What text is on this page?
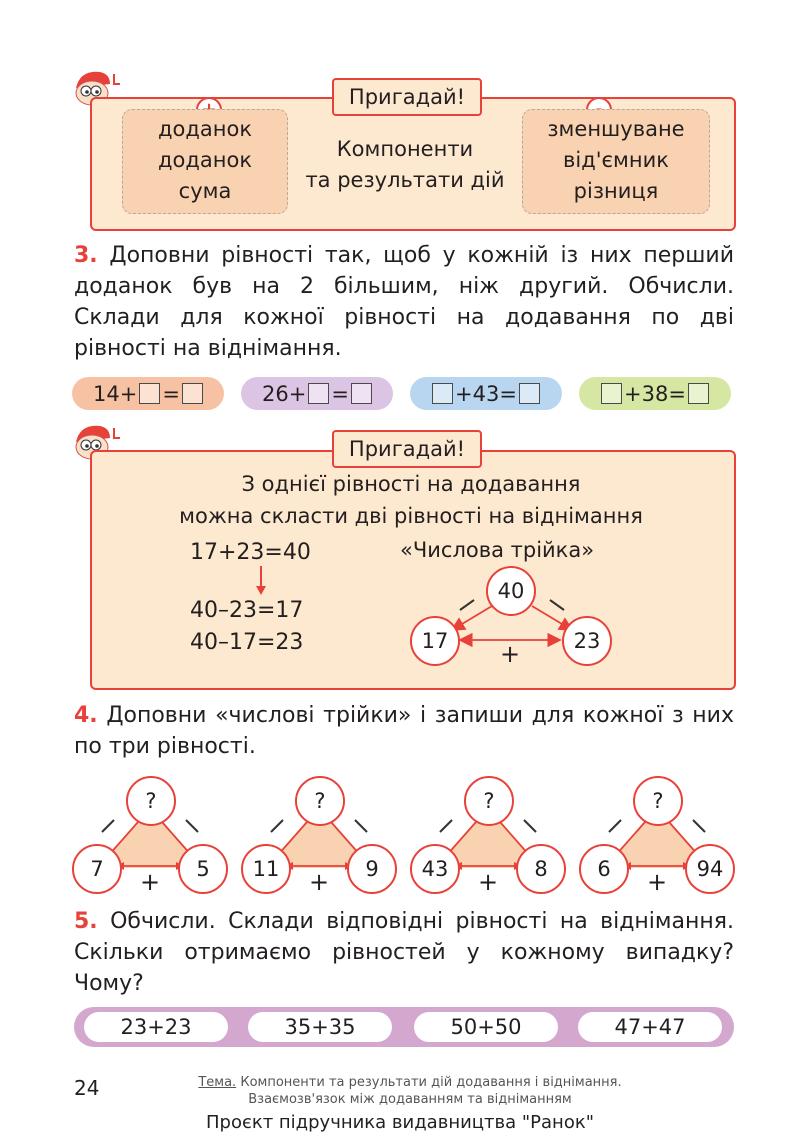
Пригадай!
доданок
доданок
сума
Компоненти
та результати дій
зменшуване
від'ємник
різниця
3. Доповни рівності так, щоб у кожній із них перший доданок був на 2 більшим, ніж другий. Обчисли. Склади для кожної рівності на додавання по дві рівності на віднімання.
14+ =	26+ =	+43=	+38=
Пригадай!
З однієї рівності на додавання
можна скласти дві рівності на віднімання
17+23=40
40–23=17
40–17=23
«Числова трійка»
40
17	23
+
4. Доповни «числові трійки» і запиши для кожної з них по три рівності.
?
7	5
+
?
11	9
+
?
43	8
+
?
6	94
+
5. Обчисли. Склади відповідні рівності на віднімання. Скільки отримаємо рівностей у кожному випадку? Чому?
23+23	35+35	50+50	47+47
24	Тема. Компоненти та результати дій додавання і віднімання.
Взаємозв'язок між додаванням та відніманням
Проєкт підручника видавництва "Ранок"
